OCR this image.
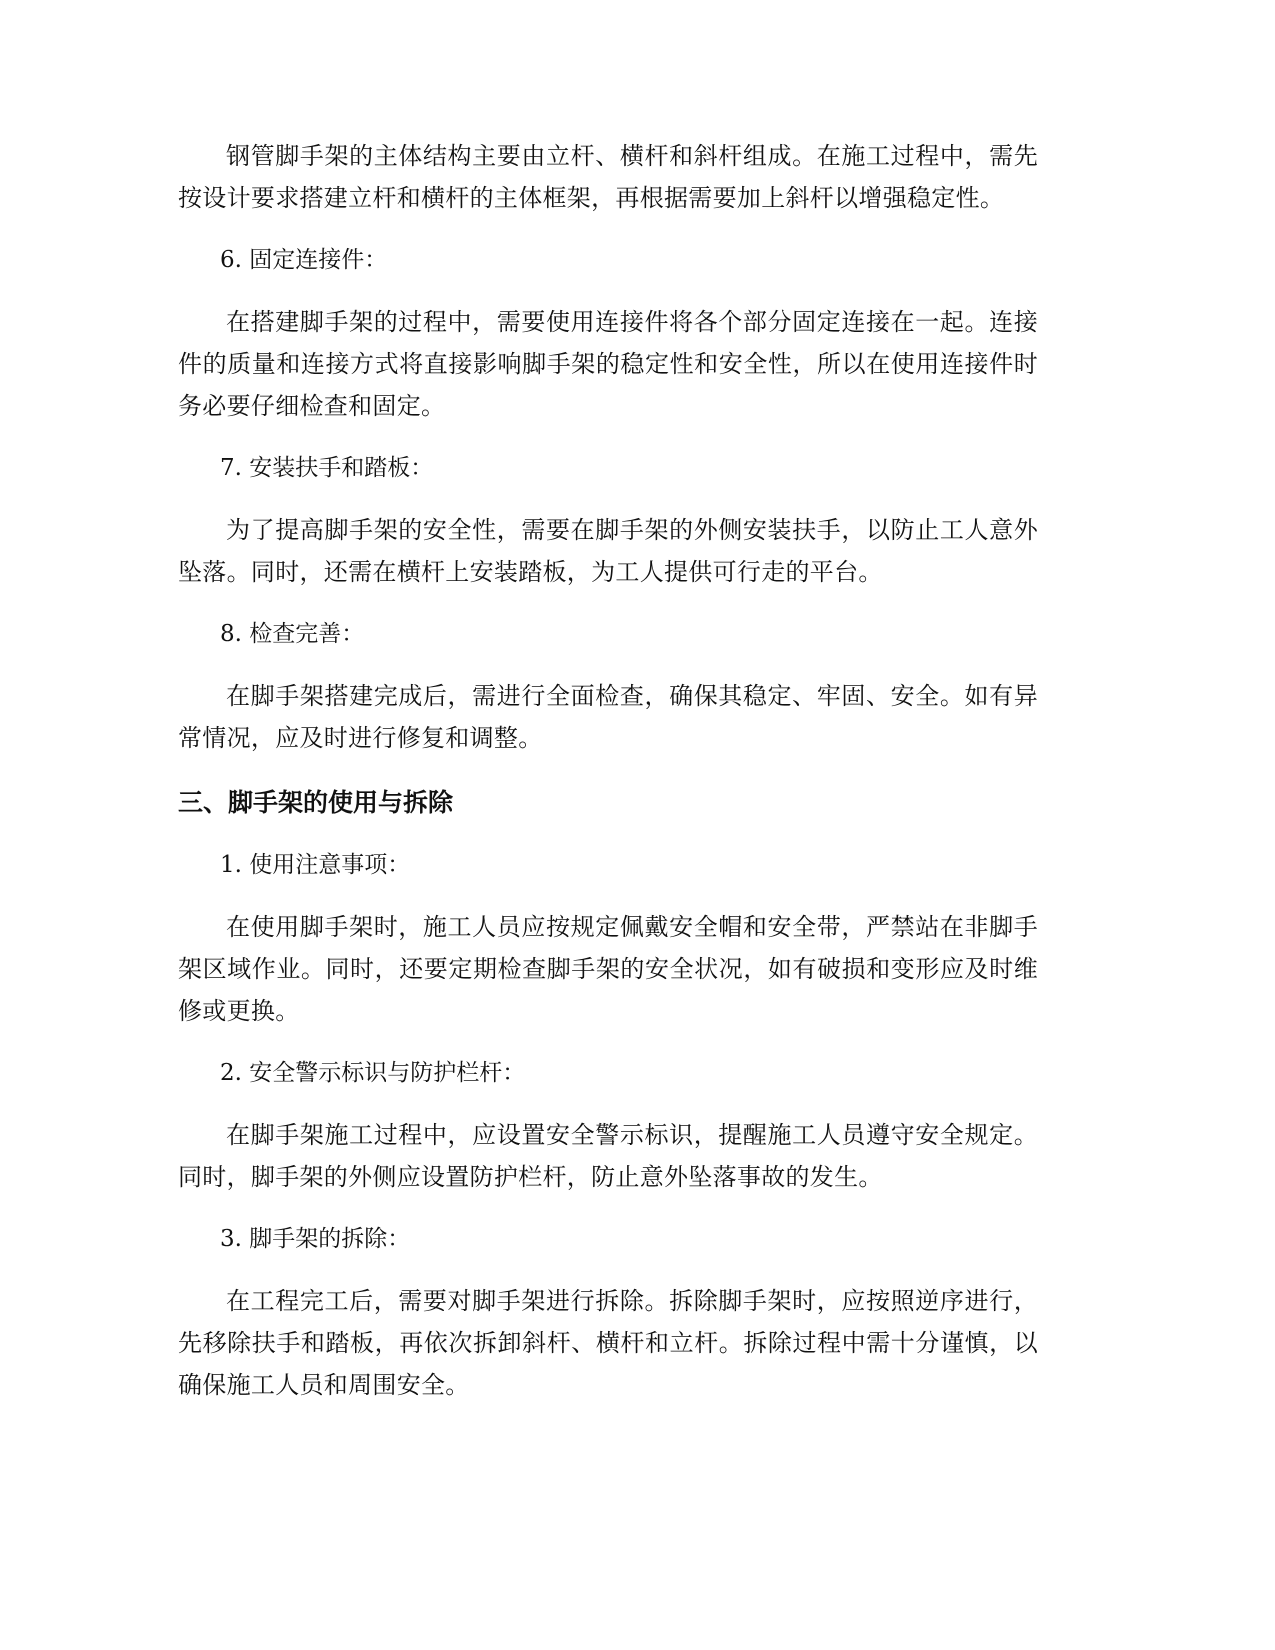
钢管脚手架的主体结构主要由立杆、横杆和斜杆组成。在施工过程中，需先按设计要求搭建立杆和横杆的主体框架，再根据需要加上斜杆以增强稳定性。

6. 固定连接件：

在搭建脚手架的过程中，需要使用连接件将各个部分固定连接在一起。连接件的质量和连接方式将直接影响脚手架的稳定性和安全性，所以在使用连接件时务必要仔细检查和固定。

7. 安装扶手和踏板：

为了提高脚手架的安全性，需要在脚手架的外侧安装扶手，以防止工人意外坠落。同时，还需在横杆上安装踏板，为工人提供可行走的平台。

8. 检查完善：

在脚手架搭建完成后，需进行全面检查，确保其稳定、牢固、安全。如有异常情况，应及时进行修复和调整。

三、脚手架的使用与拆除

1. 使用注意事项：

在使用脚手架时，施工人员应按规定佩戴安全帽和安全带，严禁站在非脚手架区域作业。同时，还要定期检查脚手架的安全状况，如有破损和变形应及时维修或更换。

2. 安全警示标识与防护栏杆：

在脚手架施工过程中，应设置安全警示标识，提醒施工人员遵守安全规定。同时，脚手架的外侧应设置防护栏杆，防止意外坠落事故的发生。

3. 脚手架的拆除：

在工程完工后，需要对脚手架进行拆除。拆除脚手架时，应按照逆序进行，先移除扶手和踏板，再依次拆卸斜杆、横杆和立杆。拆除过程中需十分谨慎，以确保施工人员和周围安全。
